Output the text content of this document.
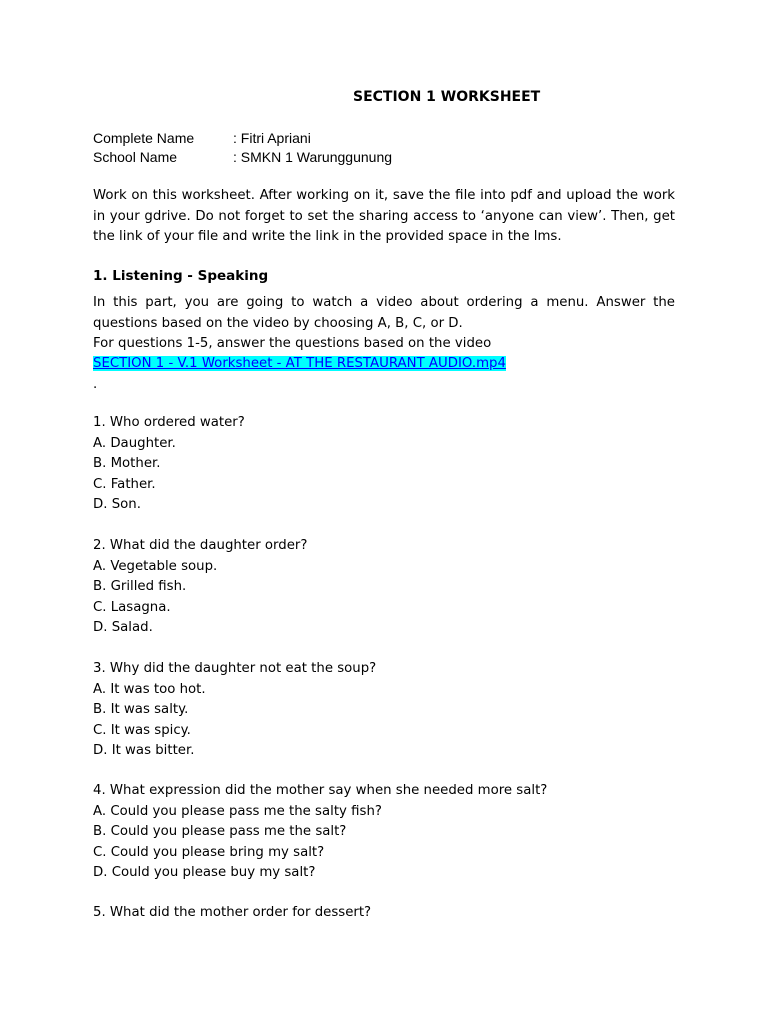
SECTION 1 WORKSHEET
Complete Name	: Fitri Apriani
School Name	: SMKN 1 Warunggunung
Work on this worksheet. After working on it, save the file into pdf and upload the work in your gdrive. Do not forget to set the sharing access to ‘anyone can view’. Then, get the link of your file and write the link in the provided space in the lms.
1. Listening - Speaking
In this part, you are going to watch a video about ordering a menu. Answer the questions based on the video by choosing A, B, C, or D.
For questions 1-5, answer the questions based on the video
SECTION 1 - V.1 Worksheet - AT THE RESTAURANT AUDIO.mp4
.
1. Who ordered water?
A. Daughter.
B. Mother.
C. Father.
D. Son.
2. What did the daughter order?
A. Vegetable soup.
B. Grilled fish.
C. Lasagna.
D. Salad.
3. Why did the daughter not eat the soup?
A. It was too hot.
B. It was salty.
C. It was spicy.
D. It was bitter.
4. What expression did the mother say when she needed more salt?
A. Could you please pass me the salty fish?
B. Could you please pass me the salt?
C. Could you please bring my salt?
D. Could you please buy my salt?
5. What did the mother order for dessert?
